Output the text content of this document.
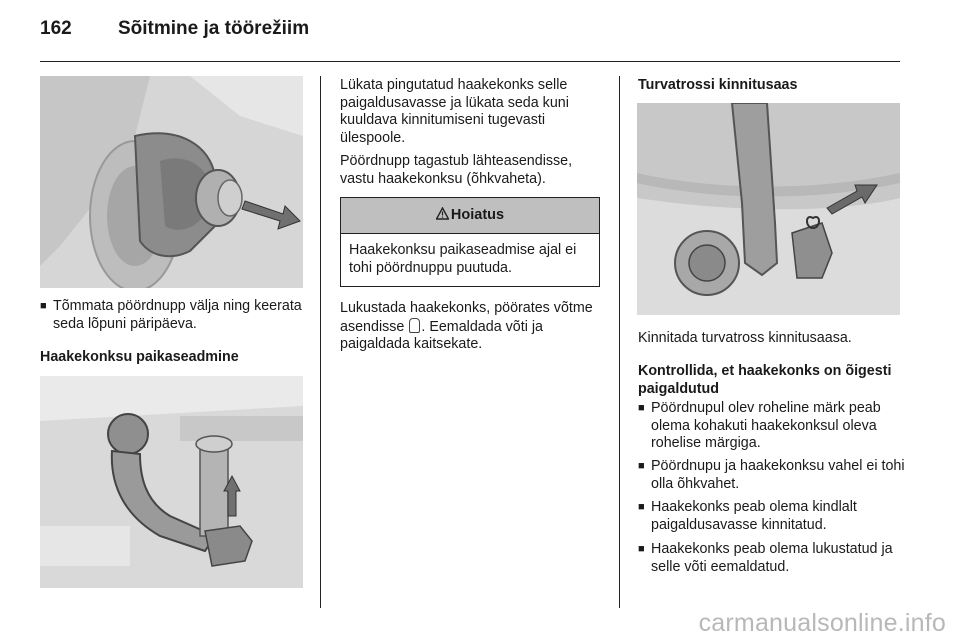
162 Sõitmine ja töörežiim
■ Tõmmata pöördnupp välja ning keerata seda lõpuni päripäeva.

Haakekonksu paikaseadmine

Lükata pingutatud haakekonks selle paigaldusavasse ja lükata seda kuni kuuldava kinnitumiseni tugevasti ülespoole.

Pöördnupp tagastub lähteasendisse, vastu haakekonksu (õhkvaheta).

Hoiatus
Haakekonksu paikaseadmise ajal ei tohi pöördnuppu puutuda.

Lukustada haakekonks, pöörates võtme asendisse . Eemaldada võti ja paigaldada kaitsekate.

Turvatrossi kinnitusaas

Kinnitada turvatross kinnitusaasa.

Kontrollida, et haakekonks on õigesti paigaldutud

■ Pöördnupul olev roheline märk peab olema kohakuti haakekonksul oleva rohelise märgiga.
■ Pöördnupu ja haakekonksu vahel ei tohi olla õhkvahet.
■ Haakekonks peab olema kindlalt paigaldusavasse kinnitatud.
■ Haakekonks peab olema lukustatud ja selle võti eemaldatud.
carmanualsonline.info
